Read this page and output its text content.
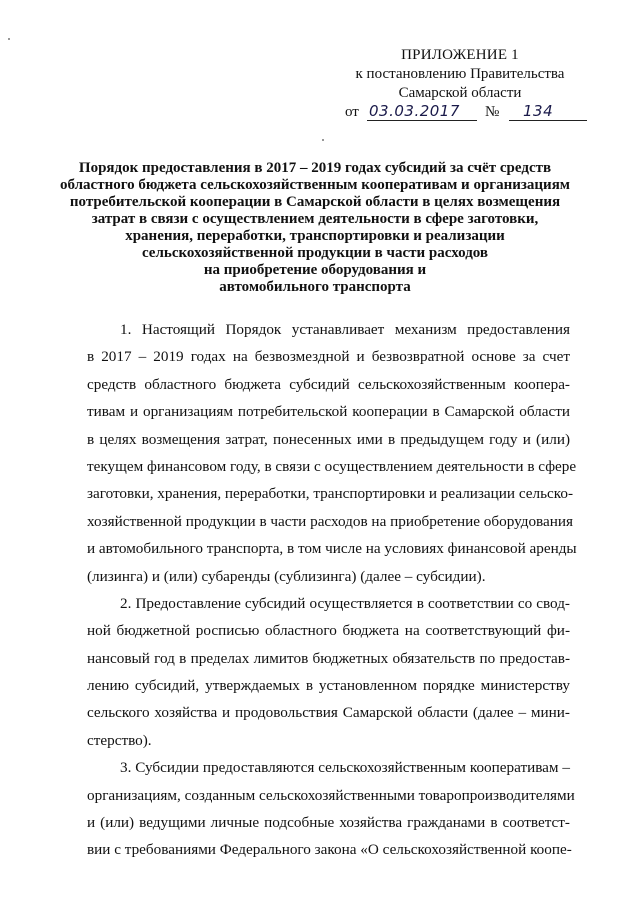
ПРИЛОЖЕНИЕ 1
к постановлению Правительства
Самарской области
от 03.03.2017 № 134
Порядок предоставления в 2017 – 2019 годах субсидий за счёт средств
областного бюджета сельскохозяйственным кооперативам и организациям
потребительской кооперации в Самарской области в целях возмещения
затрат в связи с осуществлением деятельности в сфере заготовки,
хранения, переработки, транспортировки и реализации
сельскохозяйственной продукции в части расходов
на приобретение оборудования и
автомобильного транспорта
1. Настоящий Порядок устанавливает механизм предоставления
в 2017 – 2019 годах на безвозмездной и безвозвратной основе за счет
средств областного бюджета субсидий сельскохозяйственным коопера-
тивам и организациям потребительской кооперации в Самарской области
в целях возмещения затрат, понесенных ими в предыдущем году и (или)
текущем финансовом году, в связи с осуществлением деятельности в сфере
заготовки, хранения, переработки, транспортировки и реализации сельско-
хозяйственной продукции в части расходов на приобретение оборудования
и автомобильного транспорта, в том числе на условиях финансовой аренды
(лизинга) и (или) субаренды (сублизинга) (далее – субсидии).
2. Предоставление субсидий осуществляется в соответствии со свод-
ной бюджетной росписью областного бюджета на соответствующий фи-
нансовый год в пределах лимитов бюджетных обязательств по предостав-
лению субсидий, утверждаемых в установленном порядке министерству
сельского хозяйства и продовольствия Самарской области (далее – мини-
стерство).
3. Субсидии предоставляются сельскохозяйственным кооперативам –
организациям, созданным сельскохозяйственными товаропроизводителями
и (или) ведущими личные подсобные хозяйства гражданами в соответст-
вии с требованиями Федерального закона «О сельскохозяйственной коопе-
